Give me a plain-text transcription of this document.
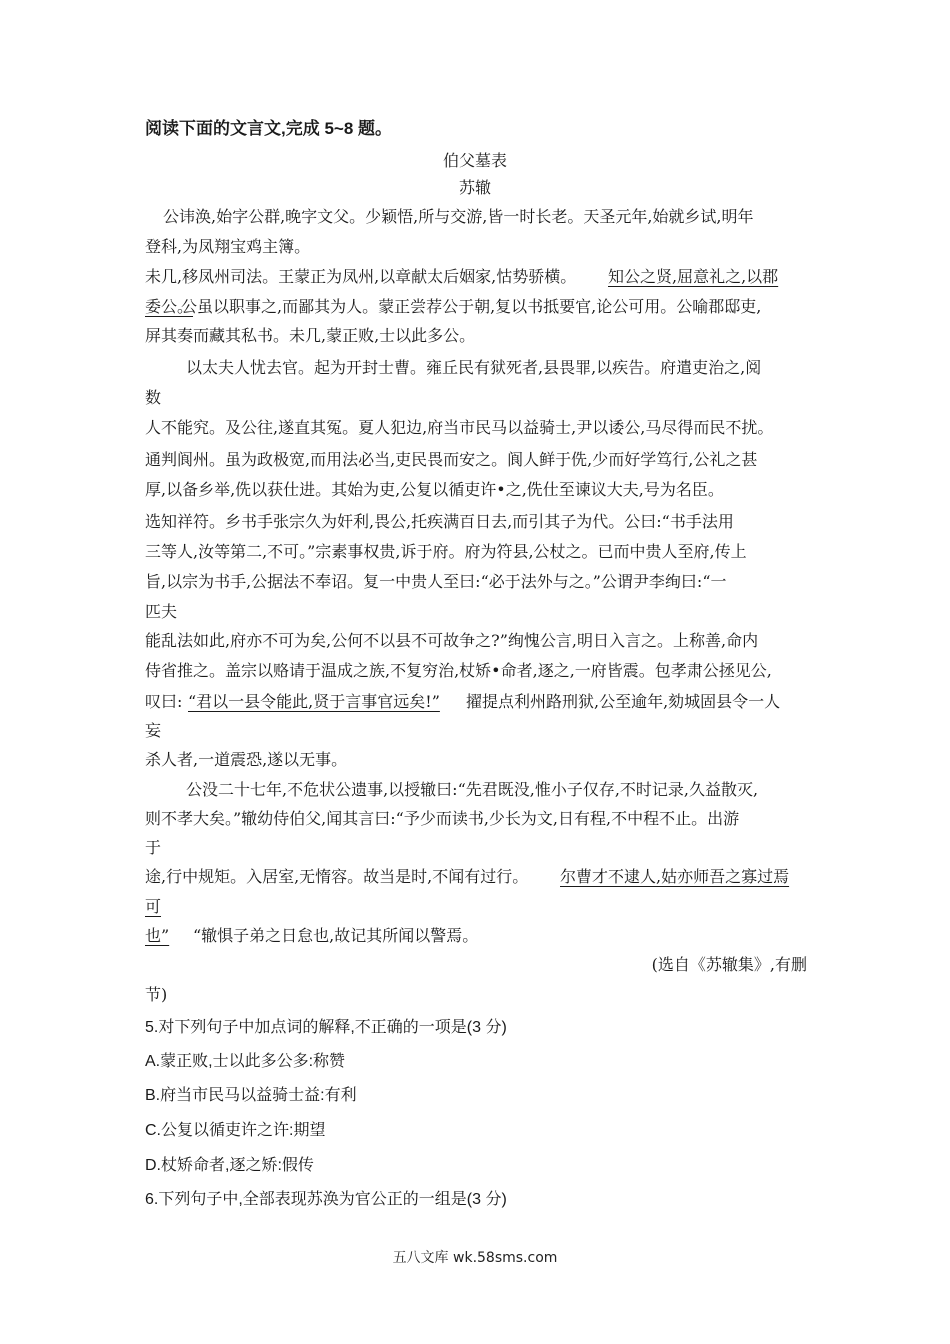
阅读下面的文言文,完成 5~8 题。
伯父墓表
苏辙
公讳涣,始字公群,晚字文父。少颖悟,所与交游,皆一时长老。天圣元年,始就乡试,明年
登科,为凤翔宝鸡主簿。
未几,移凤州司法。王蒙正为凤州,以章献太后姻家,怙势骄横。 知公之贤,屈意礼之,以郡
委公。
公虽以职事之,而鄙其为人。蒙正尝荐公于朝,复以书抵要官,论公可用。公喻郡邸吏,
屏其奏而藏其私书。未几,蒙正败,士以此多公。
以太夫人忧去官。起为开封士曹。雍丘民有狱死者,县畏罪,以疾告。府遣吏治之,阅
数
人不能究。及公往,遂直其冤。夏人犯边,府当市民马以益骑士,尹以诿公,马尽得而民不扰。
通判阆州。虽为政极宽,而用法必当,吏民畏而安之。阆人鲜于侁,少而好学笃行,公礼之甚
厚,以备乡举,侁以获仕进。其始为吏,公复以循吏许•之,侁仕至谏议大夫,号为名臣。
选知祥符。乡书手张宗久为奸利,畏公,托疾满百日去,而引其子为代。公曰:“书手法用
三等人,汝等第二,不可。”宗素事权贵,诉于府。府为符县,公杖之。已而中贵人至府,传上
旨,以宗为书手,公据法不奉诏。复一中贵人至曰:“必于法外与之。”公谓尹李绚曰:“一
匹夫
能乱法如此,府亦不可为矣,公何不以县不可故争之?”绚愧公言,明日入言之。上称善,命内
侍省推之。盖宗以赂请于温成之族,不复穷治,杖矫•命者,逐之,一府皆震。包孝肃公拯见公,
叹曰: “君以一县令能此,贤于言事官远矣!” 擢提点利州路刑狱,公至逾年,劾城固县令一人
妄
杀人者,一道震恐,遂以无事。
公没二十七年,不危状公遗事,以授辙曰:“先君既没,惟小子仅存,不时记录,久益散灭,
则不孝大矣。”辙幼侍伯父,闻其言曰:“予少而读书,少长为文,日有程,不中程不止。出游
于
途,行中规矩。入居室,无惰容。故当是时,不闻有过行。 尔曹才不逮人,姑亦师吾之寡过焉
可
也” “辙惧子弟之日怠也,故记其所闻以警焉。
(选自《苏辙集》,有删
节)
5.对下列句子中加点词的解释,不正确的一项是(3 分)
A.蒙正败,士以此多公多:称赞
B.府当市民马以益骑士益:有利
C.公复以循吏许之许:期望
D.杖矫命者,逐之矫:假传
6.下列句子中,全部表现苏涣为官公正的一组是(3 分)
五八文库 wk.58sms.com
